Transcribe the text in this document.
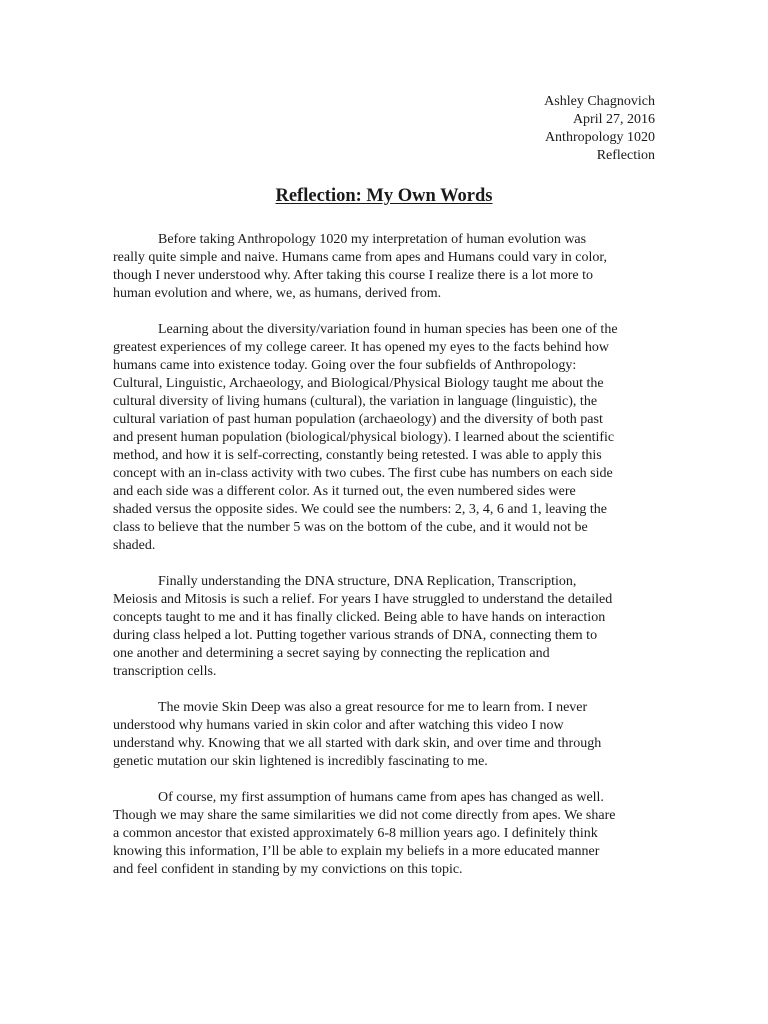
Ashley Chagnovich
April 27, 2016
Anthropology 1020
Reflection
Reflection: My Own Words

Before taking Anthropology 1020 my interpretation of human evolution was
really quite simple and naive. Humans came from apes and Humans could vary in color,
though I never understood why. After taking this course I realize there is a lot more to
human evolution and where, we, as humans, derived from.

Learning about the diversity/variation found in human species has been one of the
greatest experiences of my college career. It has opened my eyes to the facts behind how
humans came into existence today. Going over the four subfields of Anthropology:
Cultural, Linguistic, Archaeology, and Biological/Physical Biology taught me about the
cultural diversity of living humans (cultural), the variation in language (linguistic), the
cultural variation of past human population (archaeology) and the diversity of both past
and present human population (biological/physical biology). I learned about the scientific
method, and how it is self-correcting, constantly being retested. I was able to apply this
concept with an in-class activity with two cubes. The first cube has numbers on each side
and each side was a different color. As it turned out, the even numbered sides were
shaded versus the opposite sides. We could see the numbers: 2, 3, 4, 6 and 1, leaving the
class to believe that the number 5 was on the bottom of the cube, and it would not be
shaded.

Finally understanding the DNA structure, DNA Replication, Transcription,
Meiosis and Mitosis is such a relief. For years I have struggled to understand the detailed
concepts taught to me and it has finally clicked. Being able to have hands on interaction
during class helped a lot. Putting together various strands of DNA, connecting them to
one another and determining a secret saying by connecting the replication and
transcription cells.

The movie Skin Deep was also a great resource for me to learn from. I never
understood why humans varied in skin color and after watching this video I now
understand why. Knowing that we all started with dark skin, and over time and through
genetic mutation our skin lightened is incredibly fascinating to me.

Of course, my first assumption of humans came from apes has changed as well.
Though we may share the same similarities we did not come directly from apes. We share
a common ancestor that existed approximately 6-8 million years ago. I definitely think
knowing this information, I’ll be able to explain my beliefs in a more educated manner
and feel confident in standing by my convictions on this topic.
